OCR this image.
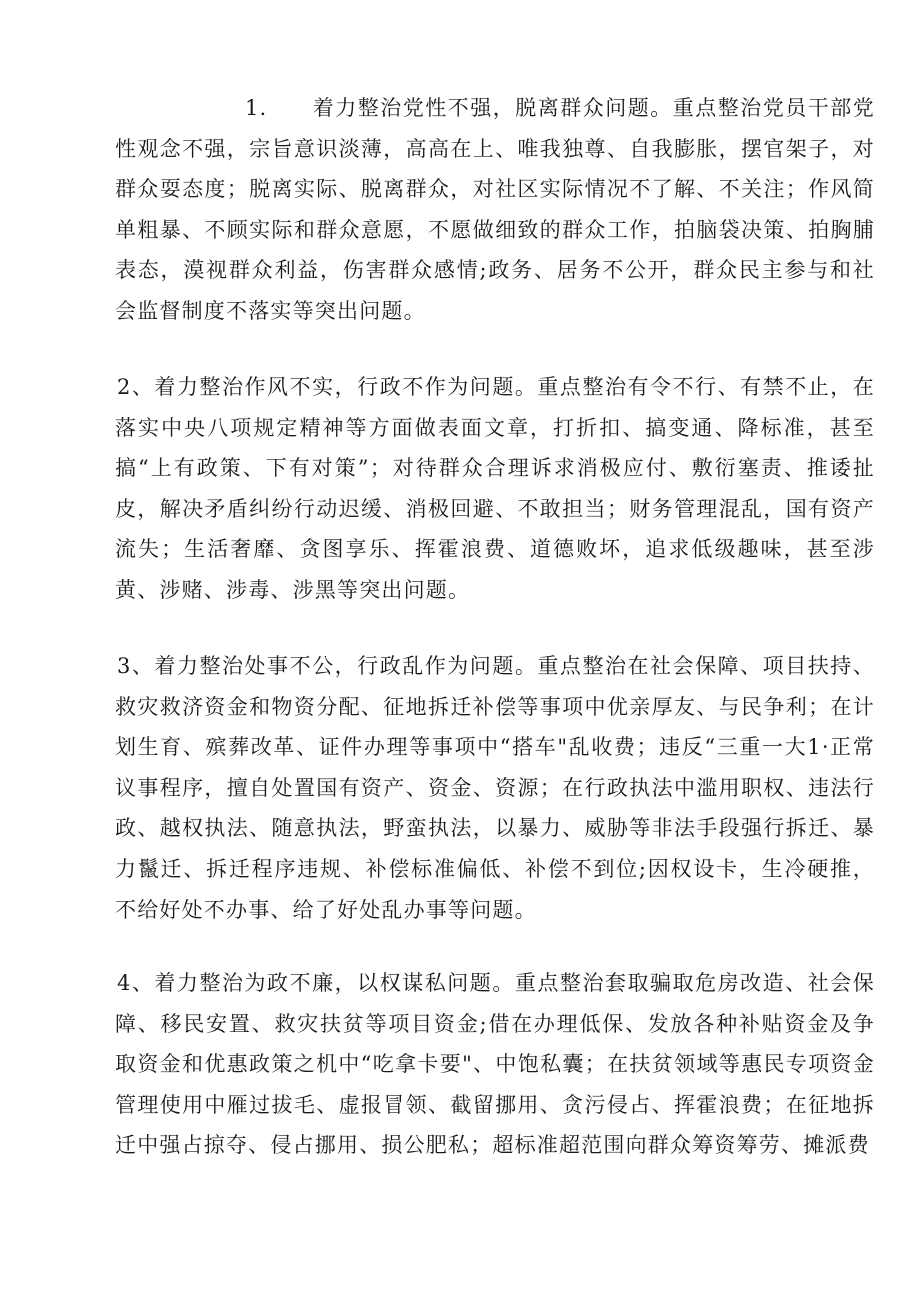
1.　　着力整治党性不强，脱离群众问题。重点整治党员干部党性观念不强，宗旨意识淡薄，高高在上、唯我独尊、自我膨胀，摆官架子，对群众耍态度；脱离实际、脱离群众，对社区实际情况不了解、不关注；作风简单粗暴、不顾实际和群众意愿，不愿做细致的群众工作，拍脑袋决策、拍胸脯表态，漠视群众利益，伤害群众感情;政务、居务不公开，群众民主参与和社会监督制度不落实等突出问题。

2、着力整治作风不实，行政不作为问题。重点整治有令不行、有禁不止，在落实中央八项规定精神等方面做表面文章，打折扣、搞变通、降标准，甚至搞“上有政策、下有对策”；对待群众合理诉求消极应付、敷衍塞责、推诿扯皮，解决矛盾纠纷行动迟缓、消极回避、不敢担当；财务管理混乱，国有资产流失；生活奢靡、贪图享乐、挥霍浪费、道德败坏，追求低级趣味，甚至涉黄、涉赌、涉毒、涉黑等突出问题。

3、着力整治处事不公，行政乱作为问题。重点整治在社会保障、项目扶持、救灾救济资金和物资分配、征地拆迁补偿等事项中优亲厚友、与民争利；在计划生育、殡葬改革、证件办理等事项中“搭车"乱收费；违反“三重一大1·正常议事程序，擅自处置国有资产、资金、资源；在行政执法中滥用职权、违法行政、越权执法、随意执法，野蛮执法，以暴力、威胁等非法手段强行拆迁、暴力鬣迁、拆迁程序违规、补偿标准偏低、补偿不到位;因权设卡，生冷硬推，不给好处不办事、给了好处乱办事等问题。

4、着力整治为政不廉，以权谋私问题。重点整治套取骗取危房改造、社会保障、移民安置、救灾扶贫等项目资金;借在办理低保、发放各种补贴资金及争取资金和优惠政策之机中“吃拿卡要"、中饱私囊；在扶贫领域等惠民专项资金管理使用中雁过拔毛、虚报冒领、截留挪用、贪污侵占、挥霍浪费；在征地拆迁中强占掠夺、侵占挪用、损公肥私；超标准超范围向群众筹资筹劳、摊派费
